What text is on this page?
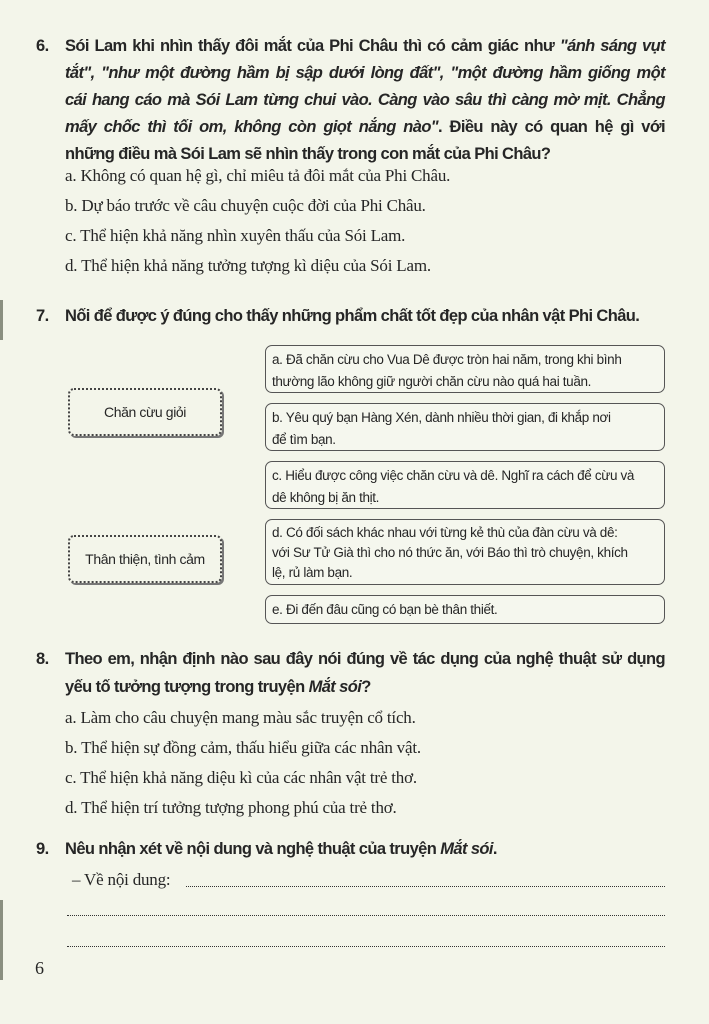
6. Sói Lam khi nhìn thấy đôi mắt của Phi Châu thì có cảm giác như "ánh sáng vụt
tắt", "như một đường hầm bị sập dưới lòng đất", "một đường hầm giống một
cái hang cáo mà Sói Lam từng chui vào. Càng vào sâu thì càng mờ mịt. Chẳng
mấy chốc thì tối om, không còn giọt nắng nào". Điều này có quan hệ gì với
những điều mà Sói Lam sẽ nhìn thấy trong con mắt của Phi Châu?
a. Không có quan hệ gì, chỉ miêu tả đôi mắt của Phi Châu.
b. Dự báo trước về câu chuyện cuộc đời của Phi Châu.
c. Thể hiện khả năng nhìn xuyên thấu của Sói Lam.
d. Thể hiện khả năng tưởng tượng kì diệu của Sói Lam.
7. Nối để được ý đúng cho thấy những phẩm chất tốt đẹp của nhân vật Phi Châu.
Chăn cừu giỏi
Thân thiện, tình cảm
a. Đã chăn cừu cho Vua Dê được tròn hai năm, trong khi bình
thường lão không giữ người chăn cừu nào quá hai tuần.
b. Yêu quý bạn Hàng Xén, dành nhiều thời gian, đi khắp nơi
để tìm bạn.
c. Hiểu được công việc chăn cừu và dê. Nghĩ ra cách để cừu và
dê không bị ăn thịt.
d. Có đối sách khác nhau với từng kẻ thù của đàn cừu và dê:
với Sư Tử Già thì cho nó thức ăn, với Báo thì trò chuyện, khích
lệ, rủ làm bạn.
e. Đi đến đâu cũng có bạn bè thân thiết.
8. Theo em, nhận định nào sau đây nói đúng về tác dụng của nghệ thuật sử dụng
yếu tố tưởng tượng trong truyện Mắt sói?
a. Làm cho câu chuyện mang màu sắc truyện cổ tích.
b. Thể hiện sự đồng cảm, thấu hiểu giữa các nhân vật.
c. Thể hiện khả năng diệu kì của các nhân vật trẻ thơ.
d. Thể hiện trí tưởng tượng phong phú của trẻ thơ.
9. Nêu nhận xét về nội dung và nghệ thuật của truyện Mắt sói.
– Về nội dung:
6
